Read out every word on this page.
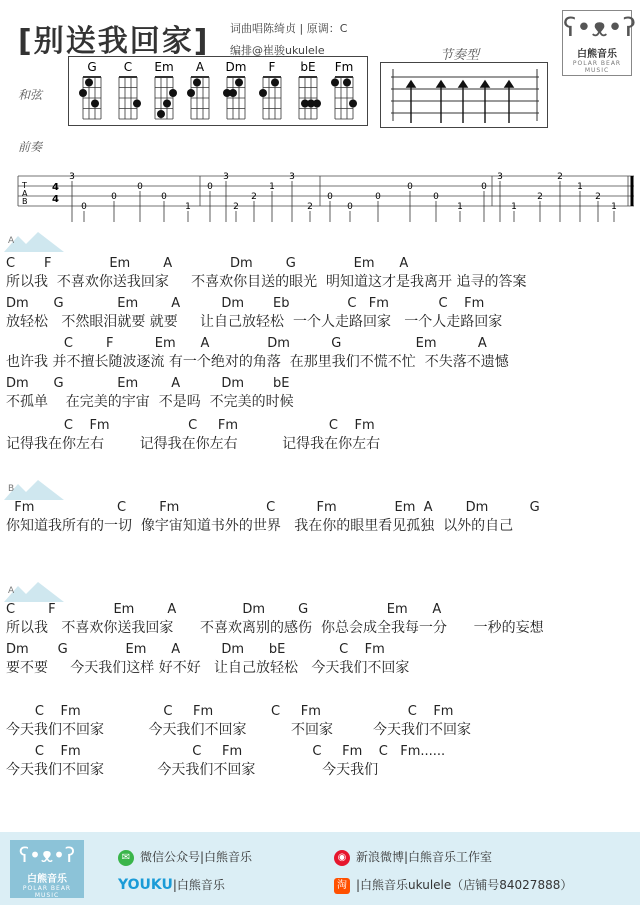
[别送我回家] 词曲唱陈绮贞 | 原调：C
编排@崔骏ukulele
ʕ•ᴥ•ʔ
白熊音乐
POLAR BEAR MUSIC
和弦
G C Em A Dm F bE Fm
节奏型
前奏
T
A
B
4
4
3
0
0
0
0
1
0
3
2
2
1
3
2
0
0
0
0
0
1
0
3
1
2
2
1
2
1
A
B
A
C       F              Em        A              Dm        G              Em      A
所以我  不喜欢你送我回家     不喜欢你目送的眼光  明知道这才是我离开 追寻的答案
Dm      G             Em        A          Dm       Eb              C   Fm            C    Fm
放轻松   不然眼泪就要 就要     让自己放轻松  一个人走路回家   一个人走路回家
C        F          Em      A              Dm          G                  Em          A
也许我 并不擅长随波逐流 有一个绝对的角落  在那里我们不慌不忙  不失落不遗憾
Dm      G             Em        A          Dm       bE
不孤单    在完美的宇宙  不是吗  不完美的时候
C    Fm                   C     Fm                      C    Fm
记得我在你左右        记得我在你左右          记得我在你左右
Fm                    C        Fm                     C          Fm              Em  A        Dm          G
你知道我所有的一切  像宇宙知道书外的世界   我在你的眼里看见孤独  以外的自己
C        F              Em        A                Dm        G                   Em      A
所以我   不喜欢你送我回家      不喜欢离别的感伤  你总会成全我每一分      一秒的妄想
Dm       G              Em      A          Dm      bE             C    Fm
要不要     今天我们这样 好不好   让自己放轻松   今天我们不回家
C    Fm                    C     Fm              C     Fm                     C    Fm
今天我们不回家          今天我们不回家          不回家         今天我们不回家
C    Fm                           C     Fm                 C     Fm    C   Fm......
今天我们不回家            今天我们不回家               今天我们
ʕ•ᴥ•ʔ
白熊音乐
POLAR BEAR MUSIC
✉ 微信公众号|白熊音乐	◉ 新浪微博|白熊音乐工作室
YOUKU|白熊音乐	淘 |白熊音乐ukulele（店铺号84027888）
